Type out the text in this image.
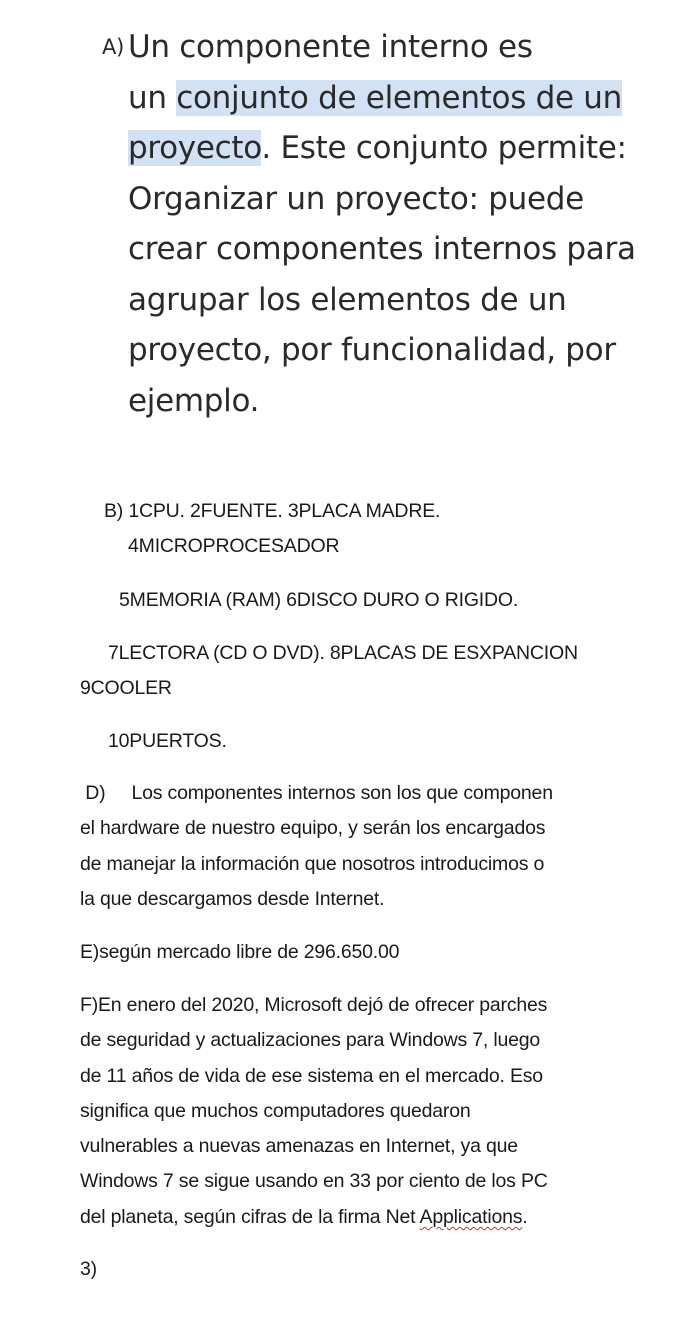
A) Un componente interno es
un conjunto de elementos de un
proyecto. Este conjunto permite:
Organizar un proyecto: puede
crear componentes internos para
agrupar los elementos de un
proyecto, por funcionalidad, por
ejemplo.
B) 1CPU. 2FUENTE. 3PLACA MADRE.
4MICROPROCESADOR
5MEMORIA (RAM) 6DISCO DURO O RIGIDO.
7LECTORA (CD O DVD). 8PLACAS DE ESXPANCION
9COOLER
10PUERTOS.
D)     Los componentes internos son los que componen
el hardware de nuestro equipo, y serán los encargados
de manejar la información que nosotros introducimos o
la que descargamos desde Internet.
E)según mercado libre de 296.650.00
F)En enero del 2020, Microsoft dejó de ofrecer parches
de seguridad y actualizaciones para Windows 7, luego
de 11 años de vida de ese sistema en el mercado. Eso
significa que muchos computadores quedaron
vulnerables a nuevas amenazas en Internet, ya que
Windows 7 se sigue usando en 33 por ciento de los PC
del planeta, según cifras de la firma Net Applications.
3)
